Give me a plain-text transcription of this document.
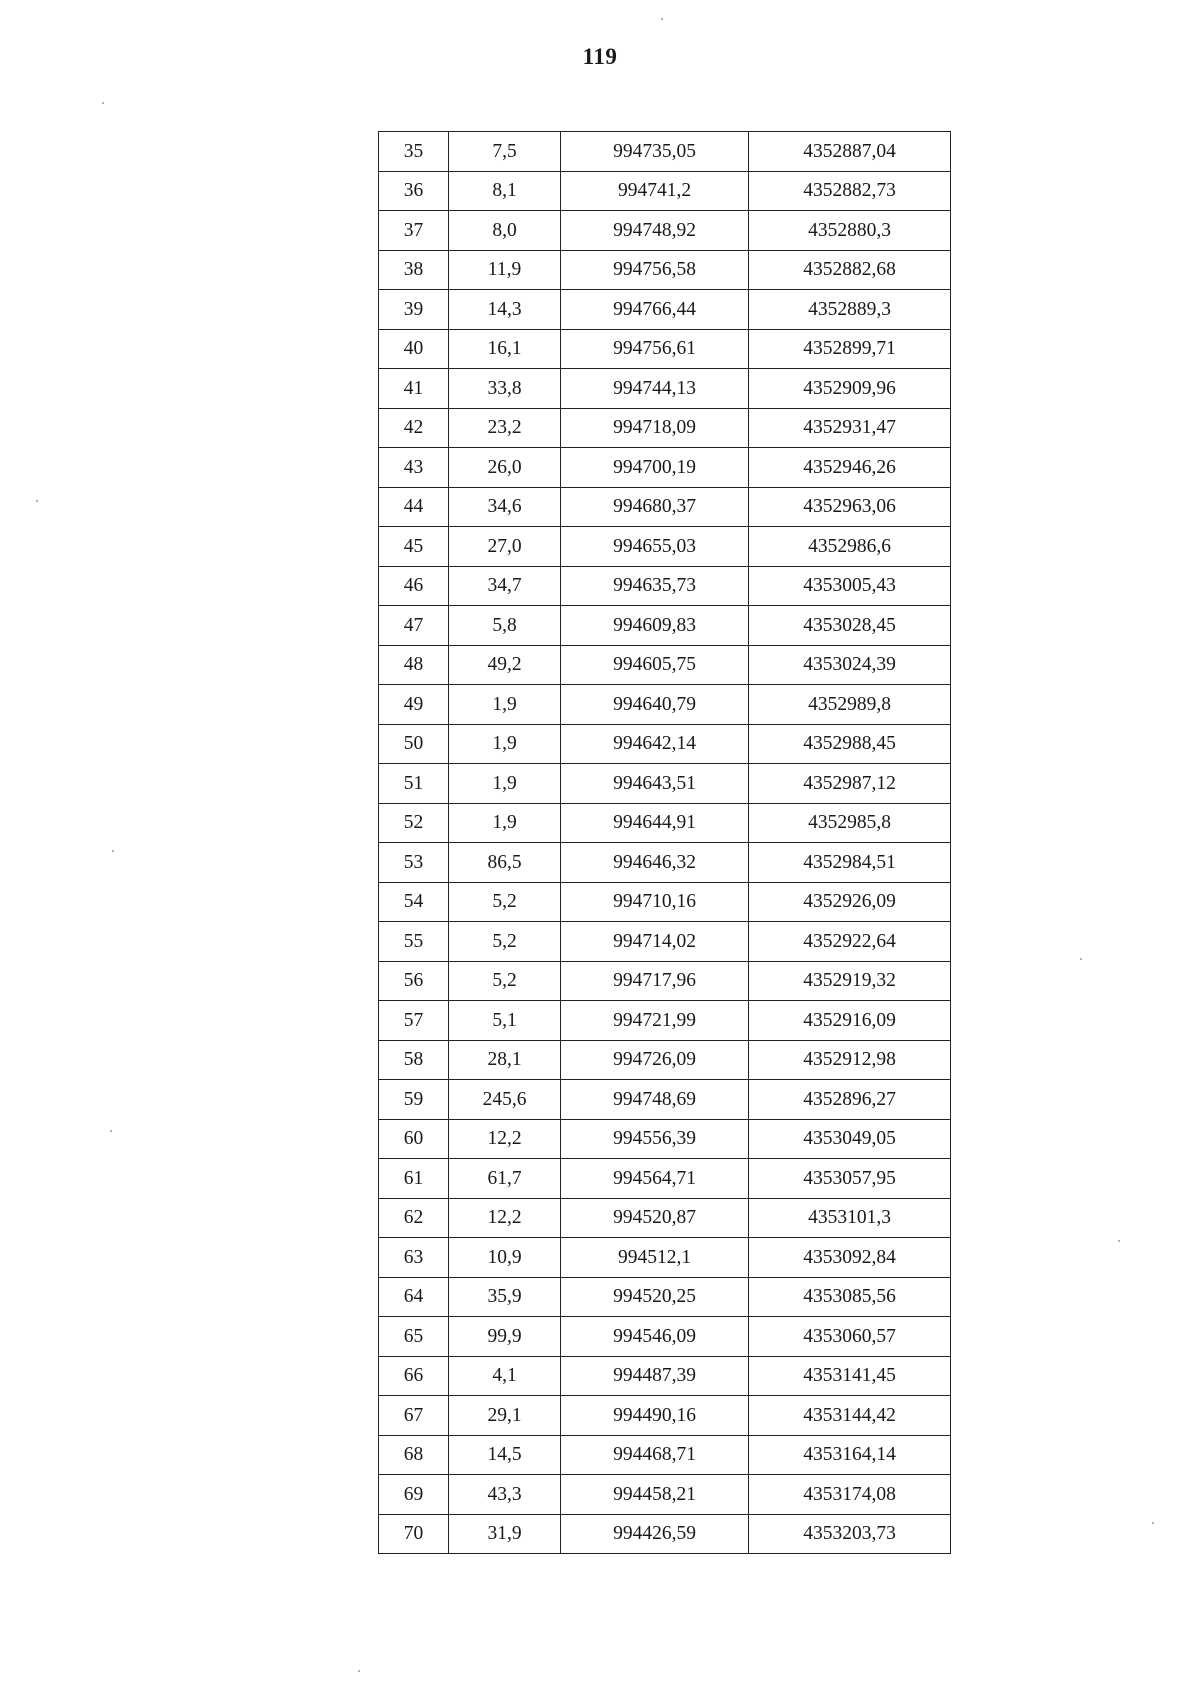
119
35	7,5	994735,05	4352887,04
36	8,1	994741,2	4352882,73
37	8,0	994748,92	4352880,3
38	11,9	994756,58	4352882,68
39	14,3	994766,44	4352889,3
40	16,1	994756,61	4352899,71
41	33,8	994744,13	4352909,96
42	23,2	994718,09	4352931,47
43	26,0	994700,19	4352946,26
44	34,6	994680,37	4352963,06
45	27,0	994655,03	4352986,6
46	34,7	994635,73	4353005,43
47	5,8	994609,83	4353028,45
48	49,2	994605,75	4353024,39
49	1,9	994640,79	4352989,8
50	1,9	994642,14	4352988,45
51	1,9	994643,51	4352987,12
52	1,9	994644,91	4352985,8
53	86,5	994646,32	4352984,51
54	5,2	994710,16	4352926,09
55	5,2	994714,02	4352922,64
56	5,2	994717,96	4352919,32
57	5,1	994721,99	4352916,09
58	28,1	994726,09	4352912,98
59	245,6	994748,69	4352896,27
60	12,2	994556,39	4353049,05
61	61,7	994564,71	4353057,95
62	12,2	994520,87	4353101,3
63	10,9	994512,1	4353092,84
64	35,9	994520,25	4353085,56
65	99,9	994546,09	4353060,57
66	4,1	994487,39	4353141,45
67	29,1	994490,16	4353144,42
68	14,5	994468,71	4353164,14
69	43,3	994458,21	4353174,08
70	31,9	994426,59	4353203,73
